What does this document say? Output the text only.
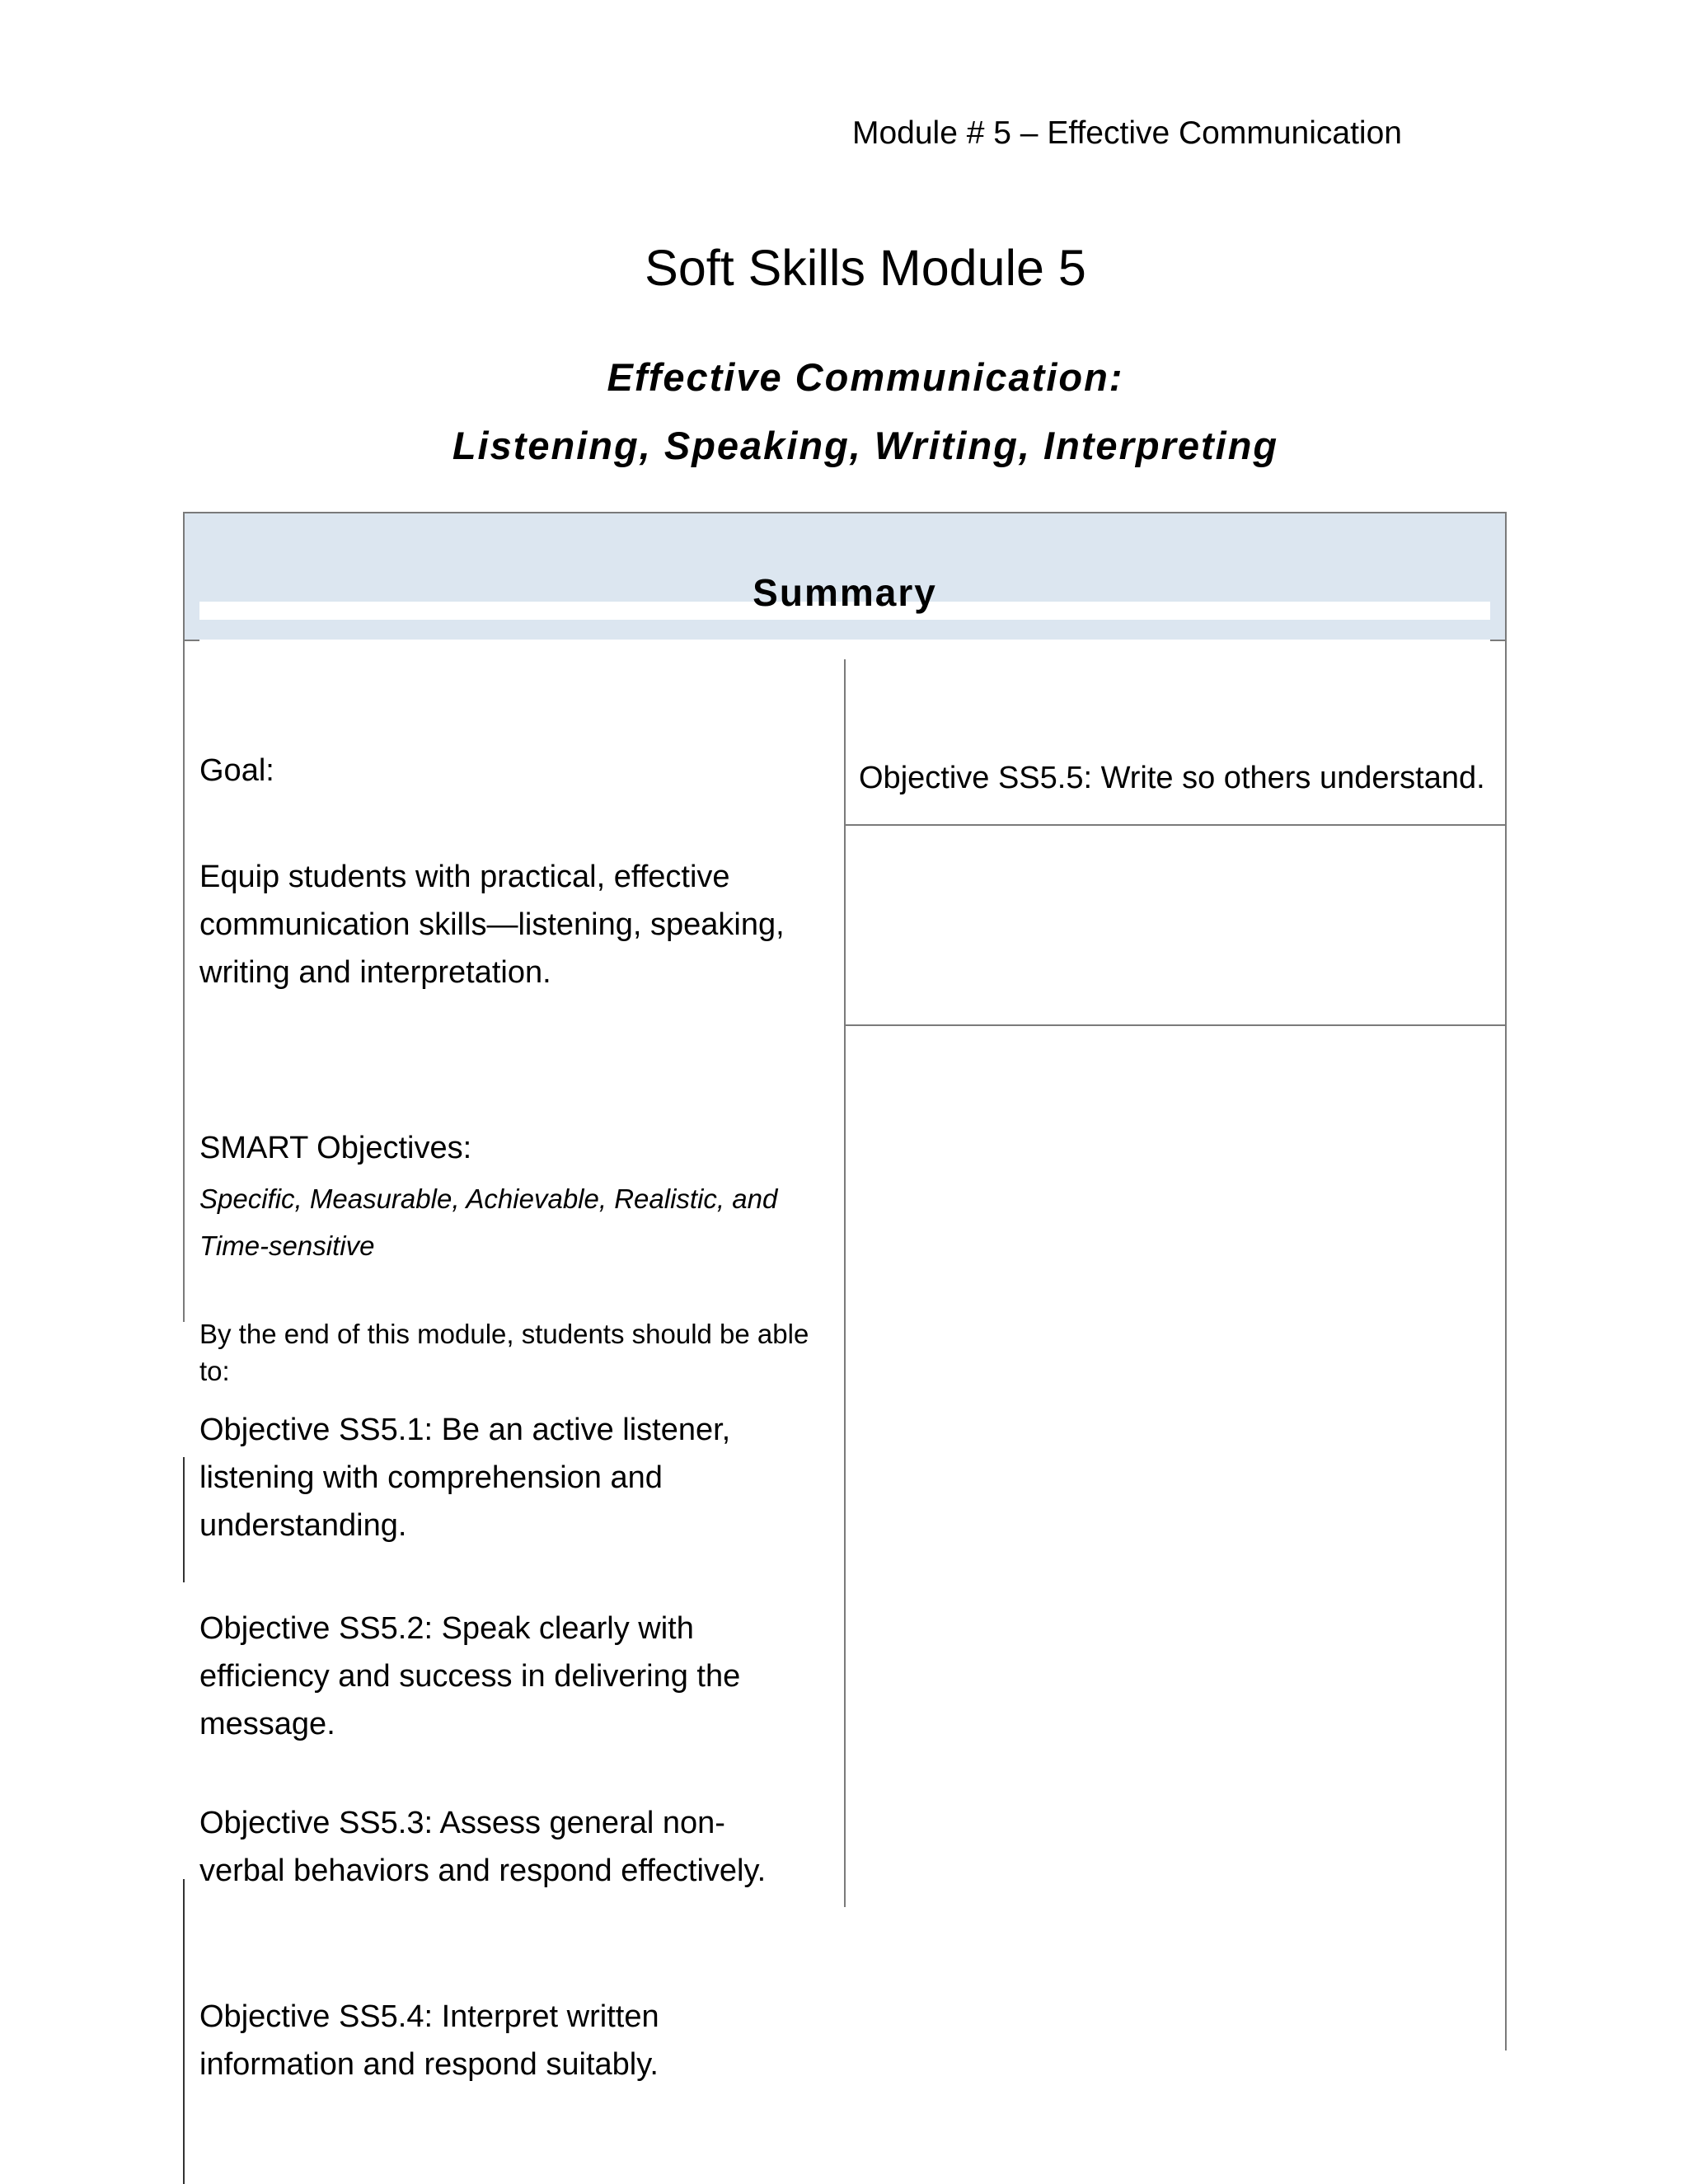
Module # 5 – Effective Communication
Soft Skills Module 5
Effective Communication:
Listening, Speaking, Writing, Interpreting
Summary
Goal:
Equip students with practical, effective communication skills—listening, speaking, writing and interpretation.
SMART Objectives:
Specific, Measurable, Achievable, Realistic, and Time-sensitive
By the end of this module, students should be able to:
Objective SS5.1: Be an active listener, listening with comprehension and understanding.
Objective SS5.2: Speak clearly with efficiency and success in delivering the message.
Objective SS5.3: Assess general non-verbal behaviors and respond effectively.
Objective SS5.4: Interpret written information and respond suitably.
Objective SS5.5: Write so others understand.
